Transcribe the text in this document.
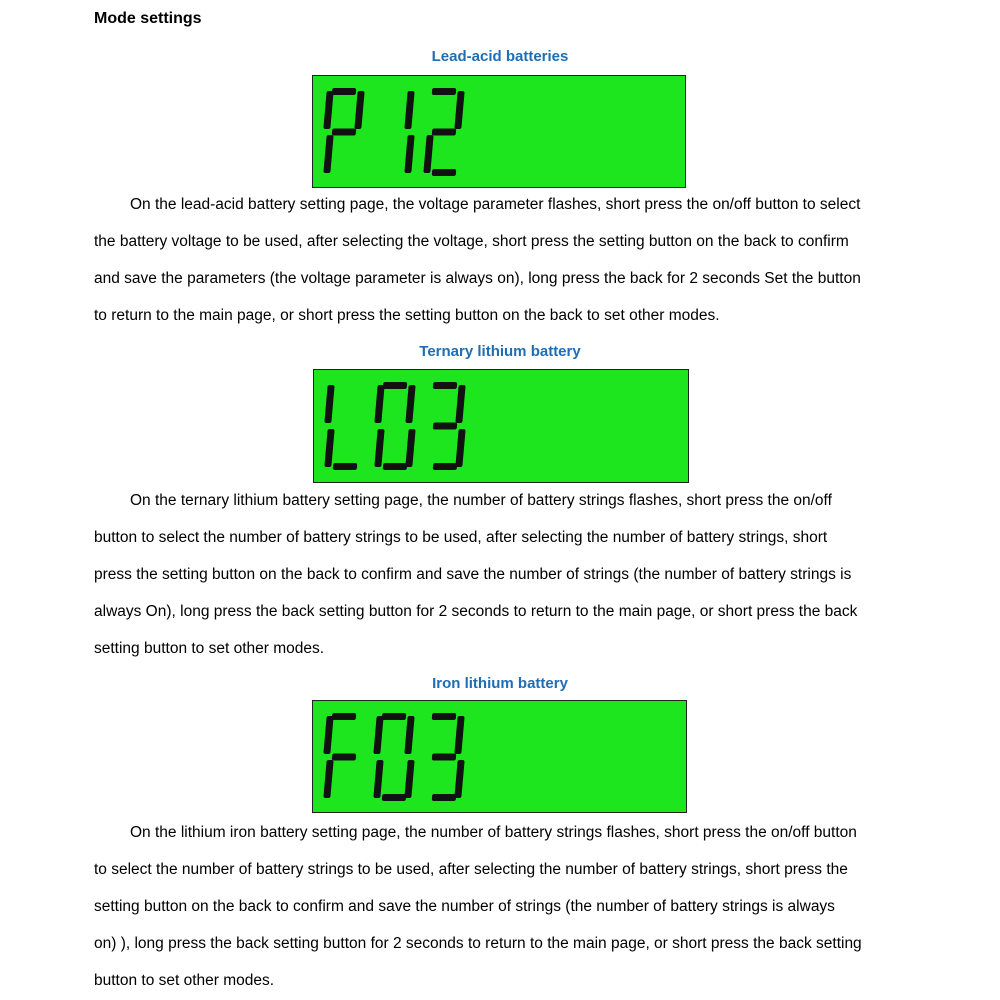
Mode settings
Lead-acid batteries
On the lead-acid battery setting page, the voltage parameter flashes, short press the on/off button to select
the battery voltage to be used, after selecting the voltage, short press the setting button on the back to confirm
and save the parameters (the voltage parameter is always on), long press the back for 2 seconds Set the button
to return to the main page, or short press the setting button on the back to set other modes.
Ternary lithium battery
On the ternary lithium battery setting page, the number of battery strings flashes, short press the on/off
button to select the number of battery strings to be used, after selecting the number of battery strings, short
press the setting button on the back to confirm and save the number of strings (the number of battery strings is
always On), long press the back setting button for 2 seconds to return to the main page, or short press the back
setting button to set other modes.
Iron lithium battery
On the lithium iron battery setting page, the number of battery strings flashes, short press the on/off button
to select the number of battery strings to be used, after selecting the number of battery strings, short press the
setting button on the back to confirm and save the number of strings (the number of battery strings is always
on) ), long press the back setting button for 2 seconds to return to the main page, or short press the back setting
button to set other modes.
